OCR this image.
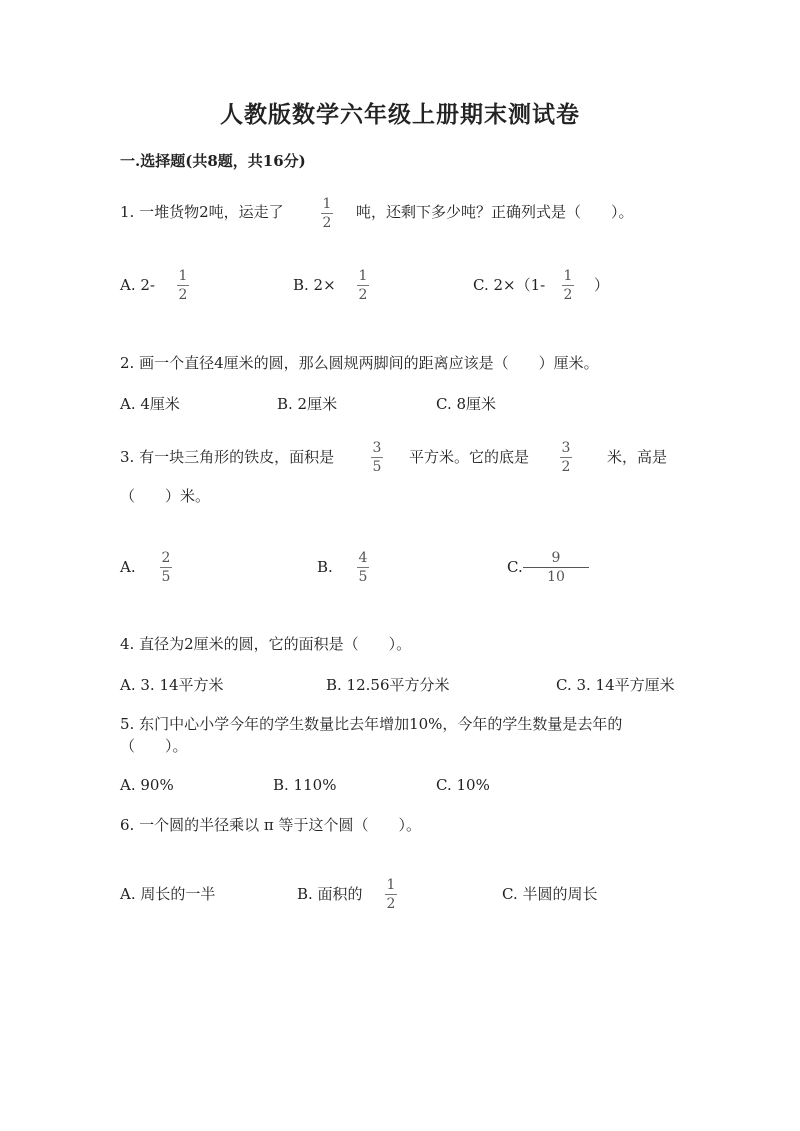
人教版数学六年级上册期末测试卷
一.选择题(共8题，共16分)
1. 一堆货物2吨，运走了	1
2
吨，还剩下多少吨？正确列式是（　　）。
A. 2- 1
2
B. 2× 1
2
C. 2×（1- 1
2
）
2. 画一个直径4厘米的圆，那么圆规两脚间的距离应该是（　　）厘米。
A. 4厘米	B. 2厘米	C. 8厘米
3. 有一块三角形的铁皮，面积是	3
5
平方米。它的底是 3
2
米，高是
（　　）米。
A. 2
5
B. 4
5
C. 9
10
4. 直径为2厘米的圆，它的面积是（　　）。
A. 3. 14平方米	B. 12.56平方分米	C. 3. 14平方厘米
5. 东门中心小学今年的学生数量比去年增加10%，今年的学生数量是去年的
（　　）。
A. 90%	B. 110%	C. 10%
6. 一个圆的半径乘以 π 等于这个圆（　　）。
A. 周长的一半	B. 面积的 1
2
C. 半圆的周长
